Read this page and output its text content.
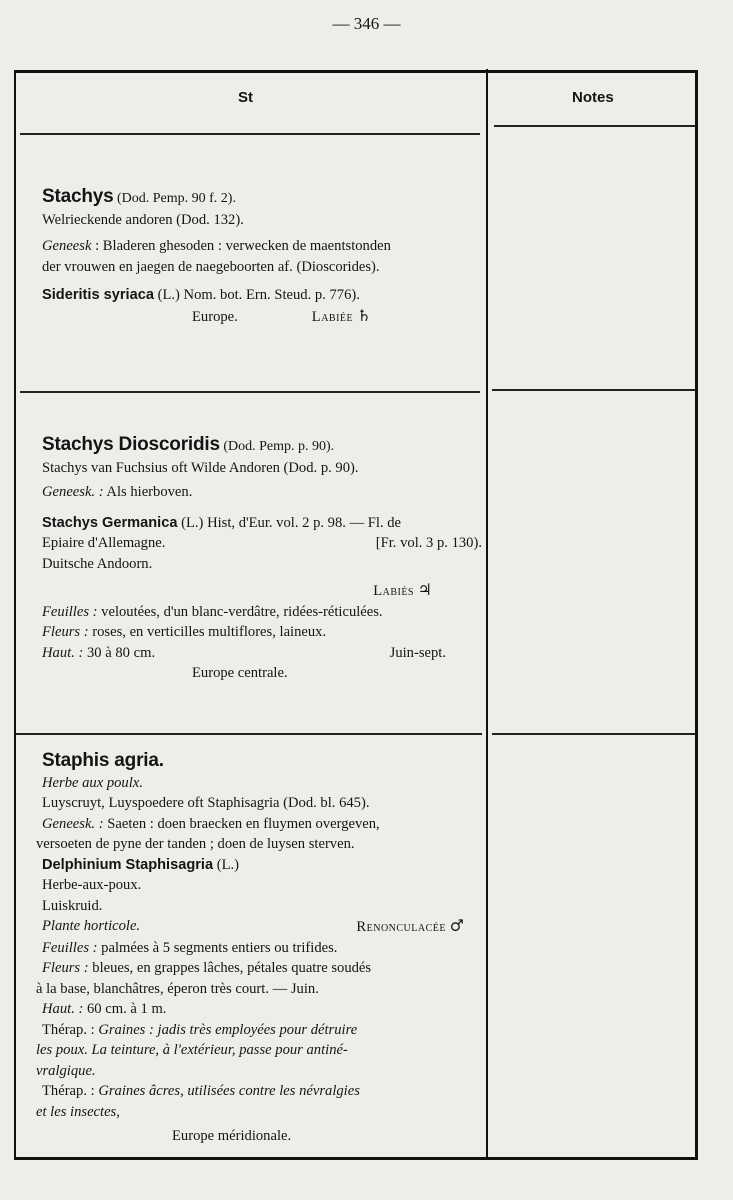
— 346 —
St	Notes
Stachys (Dod. Pemp. 90 f. 2).
Welrieckende andoren (Dod. 132).
Geneesk : Bladeren ghesoden : verwecken de maentstonden
der vrouwen en jaegen de naegeboorten af. (Dioscorides).
Sideritis syriaca (L.) Nom. bot. Ern. Steud. p. 776).
Europe.	Labiée ♄
Stachys Dioscoridis (Dod. Pemp. p. 90).
Stachys van Fuchsius oft Wilde Andoren (Dod. p. 90).
Geneesk. : Als hierboven.
Stachys Germanica (L.) Hist, d'Eur. vol. 2 p. 98. — Fl. de
Epiaire d'Allemagne.	[Fr. vol. 3 p. 130).
Duitsche Andoorn.
Labiés ♃
Feuilles : veloutées, d'un blanc-verdâtre, ridées-réticulées.
Fleurs : roses, en verticilles multiflores, laineux.
Haut. : 30 à 80 cm.	Juin-sept.
Europe centrale.
Staphis agria.
Herbe aux poulx.
Luyscruyt, Luyspoedere oft Staphisagria (Dod. bl. 645).
Geneesk. : Saeten : doen braecken en fluymen overgeven,
versoeten de pyne der tanden ; doen de luysen sterven.
Delphinium Staphisagria (L.)
Herbe-aux-poux.
Luiskruid.
Plante horticole.	Renonculacée ♂
Feuilles : palmées à 5 segments entiers ou trifides.
Fleurs : bleues, en grappes lâches, pétales quatre soudés
à la base, blanchâtres, éperon très court. — Juin.
Haut. : 60 cm. à 1 m.
Thérap. : Graines : jadis très employées pour détruire
les poux. La teinture, à l'extérieur, passe pour antiné-
vralgique.
Thérap. : Graines âcres, utilisées contre les névralgies
et les insectes,
Europe méridionale.
